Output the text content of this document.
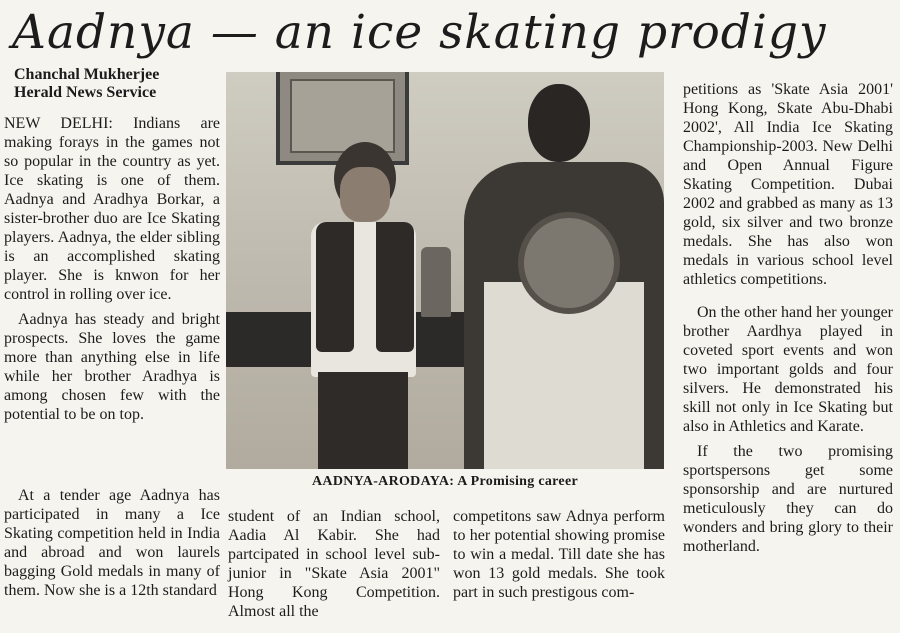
Aadnya — an ice skating prodigy
Chanchal Mukherjee
Herald News Service

NEW DELHI: Indians are making forays in the games not so popular in the country as yet. Ice skating is one of them. Aadnya and Aradhya Borkar, a sister-brother duo are Ice Skating players. Aadnya, the elder sibling is an accomplished skating player. She is knwon for her control in rolling over ice.

Aadnya has steady and bright prospects. She loves the game more than anything else in life while her brother Aradhya is among chosen few with the potential to be on top.

At a tender age Aadnya has participated in many a Ice Skating competition held in India and abroad and won laurels bagging Gold medals in many of them. Now she is a 12th standard

AADNYA-ARODAYA: A Promising career

student of an Indian school, Aadia Al Kabir. She had partcipated in school level sub-junior in "Skate Asia 2001" Hong Kong Competition. Almost all the

competitons saw Adnya perform to her potential showing promise to win a medal. Till date she has won 13 gold medals. She took part in such prestigous com-

petitions as 'Skate Asia 2001' Hong Kong, Skate Abu-Dhabi 2002', All India Ice Skating Championship-2003. New Delhi and Open Annual Figure Skating Competition. Dubai 2002 and grabbed as many as 13 gold, six silver and two bronze medals. She has also won medals in various school level athletics competitions.

On the other hand her younger brother Aardhya played in coveted sport events and won two important golds and four silvers. He demonstrated his skill not only in Ice Skating but also in Athletics and Karate.

If the two promising sportspersons get some sponsorship and are nurtured meticulously they can do wonders and bring glory to their motherland.
